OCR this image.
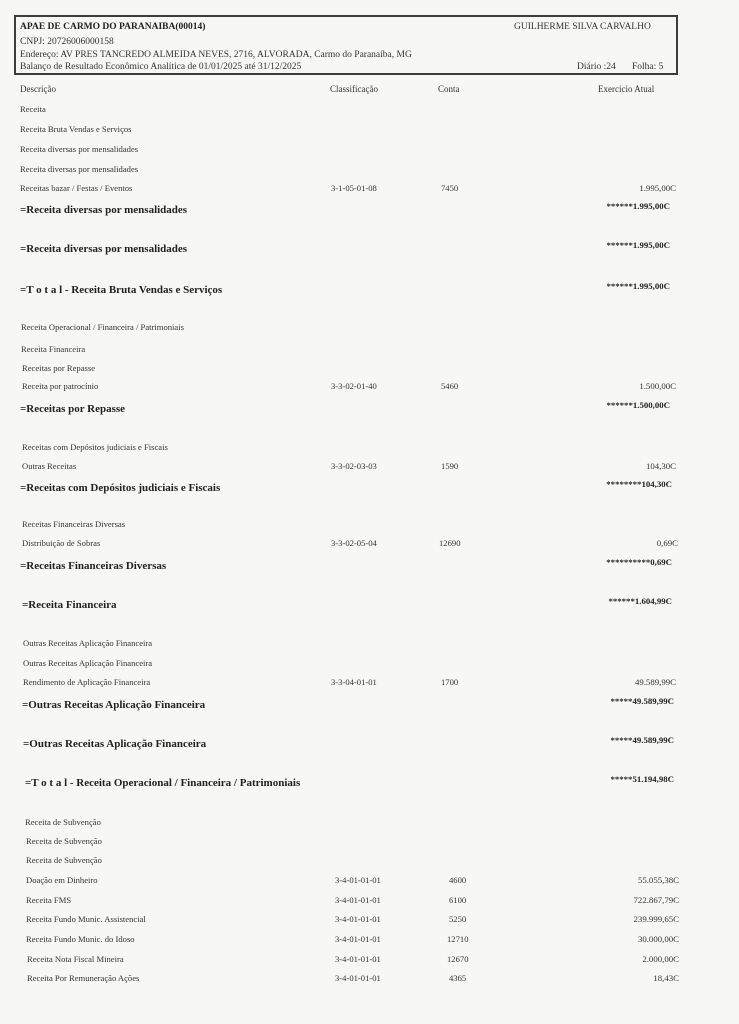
APAE DE CARMO DO PARANAIBA(00014)	GUILHERME SILVA CARVALHO
CNPJ: 20726006000158
Endereço: AV PRES TANCREDO ALMEIDA NEVES, 2716, ALVORADA, Carmo do Paranaíba, MG
Balanço de Resultado Econômico Analítica de 01/01/2025 até 31/12/2025	Diário :24 Folha: 5
Descrição	Classificação	Conta	Exercício Atual
Receita
Receita Bruta Vendas e Serviços
Receita diversas por mensalidades
Receita diversas por mensalidades
Receitas bazar / Festas / Eventos	3-1-05-01-08	7450	1.995,00C
=Receita diversas por mensalidades	******1.995,00C
=Receita diversas por mensalidades	******1.995,00C
=T o t a l - Receita Bruta Vendas e Serviços	******1.995,00C
Receita Operacional / Financeira / Patrimoniais
Receita Financeira
Receitas por Repasse
Receita por patrocínio	3-3-02-01-40	5460	1.500,00C
=Receitas por Repasse	******1.500,00C
Receitas com Depósitos judiciais e Fiscais
Outras Receitas	3-3-02-03-03	1590	104,30C
=Receitas com Depósitos judiciais e Fiscais	********104,30C
Receitas Financeiras Diversas
Distribuição de Sobras	3-3-02-05-04	12690	0,69C
=Receitas Financeiras Diversas	**********0,69C
=Receita Financeira	******1.604,99C
Outras Receitas Aplicação Financeira
Outras Receitas Aplicação Financeira
Rendimento de Aplicação Financeira	3-3-04-01-01	1700	49.589,99C
=Outras Receitas Aplicação Financeira	*****49.589,99C
=Outras Receitas Aplicação Financeira	*****49.589,99C
=T o t a l - Receita Operacional / Financeira / Patrimoniais	*****51.194,98C
Receita de Subvenção
Receita de Subvenção
Receita de Subvenção
Doação em Dinheiro	3-4-01-01-01	4600	55.055,38C
Receita FMS	3-4-01-01-01	6100	722.867,79C
Receita Fundo Munic. Assistencial	3-4-01-01-01	5250	239.999,65C
Receita Fundo Munic. do Idoso	3-4-01-01-01	12710	30.000,00C
Receita Nota Fiscal Mineira	3-4-01-01-01	12670	2.000,00C
Receita Por Remuneração Ações	3-4-01-01-01	4365	18,43C
